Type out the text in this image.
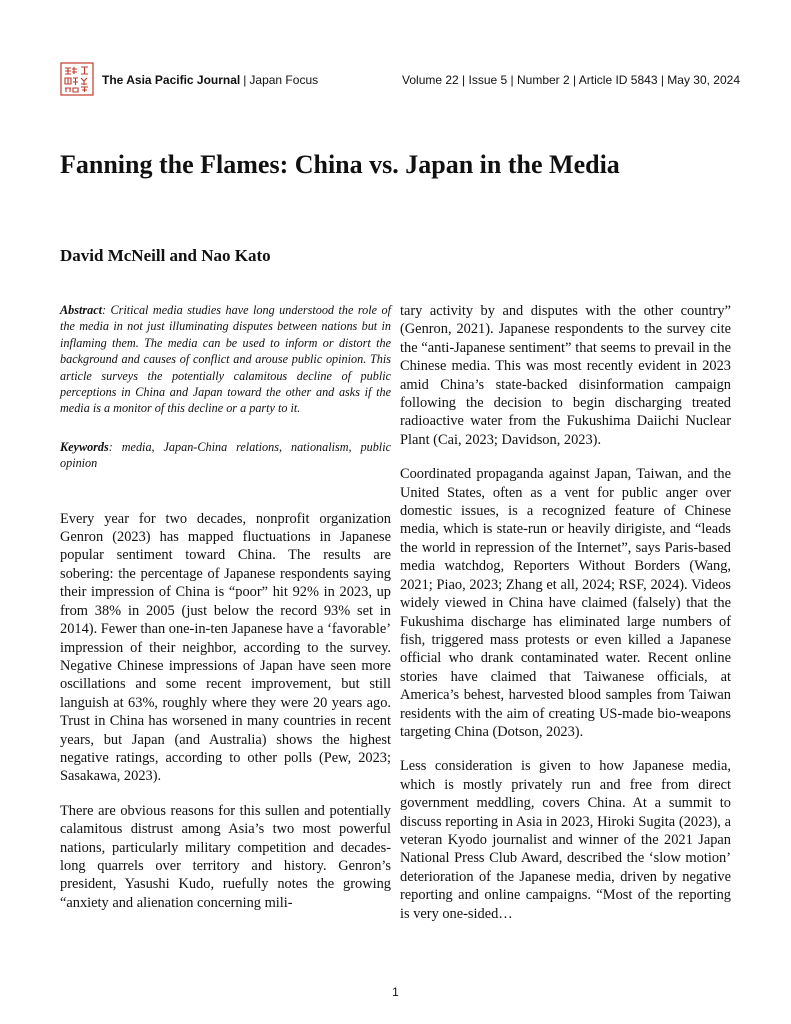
The Asia Pacific Journal | Japan Focus	Volume 22 | Issue 5 | Number 2 | Article ID 5843 | May 30, 2024
Fanning the Flames: China vs. Japan in the Media
David McNeill and Nao Kato

Abstract: Critical media studies have long understood the role of the media in not just illuminating disputes between nations but in inflaming them. The media can be used to inform or distort the background and causes of conflict and arouse public opinion. This article surveys the potentially calamitous decline of public perceptions in China and Japan toward the other and asks if the media is a monitor of this decline or a party to it.

Keywords: media, Japan-China relations, nationalism, public opinion

Every year for two decades, nonprofit organization Genron (2023) has mapped fluctuations in Japanese popular sentiment toward China. The results are sobering: the percentage of Japanese respondents saying their impression of China is “poor” hit 92% in 2023, up from 38% in 2005 (just below the record 93% set in 2014). Fewer than one-in-ten Japanese have a ‘favorable’ impression of their neighbor, according to the survey. Negative Chinese impressions of Japan have seen more oscillations and some recent improvement, but still languish at 63%, roughly where they were 20 years ago. Trust in China has worsened in many countries in recent years, but Japan (and Australia) shows the highest negative ratings, according to other polls (Pew, 2023; Sasakawa, 2023).

There are obvious reasons for this sullen and potentially calamitous distrust among Asia’s two most powerful nations, particularly military competition and decades-long quarrels over territory and history. Genron’s president, Yasushi Kudo, ruefully notes the growing “anxiety and alienation concerning mili-

tary activity by and disputes with the other country” (Genron, 2021). Japanese respondents to the survey cite the “anti-Japanese sentiment” that seems to prevail in the Chinese media. This was most recently evident in 2023 amid China’s state-backed disinformation campaign following the decision to begin discharging treated radioactive water from the Fukushima Daiichi Nuclear Plant (Cai, 2023; Davidson, 2023).

Coordinated propaganda against Japan, Taiwan, and the United States, often as a vent for public anger over domestic issues, is a recognized feature of Chinese media, which is state-run or heavily dirigiste, and “leads the world in repression of the Internet”, says Paris-based media watchdog, Reporters Without Borders (Wang, 2021; Piao, 2023; Zhang et all, 2024; RSF, 2024). Videos widely viewed in China have claimed (falsely) that the Fukushima discharge has eliminated large numbers of fish, triggered mass protests or even killed a Japanese official who drank contaminated water. Recent online stories have claimed that Taiwanese officials, at America’s behest, harvested blood samples from Taiwan residents with the aim of creating US-made bio-weapons targeting China (Dotson, 2023).

Less consideration is given to how Japanese media, which is mostly privately run and free from direct government meddling, covers China. At a summit to discuss reporting in Asia in 2023, Hiroki Sugita (2023), a veteran Kyodo journalist and winner of the 2021 Japan National Press Club Award, described the ‘slow motion’ deterioration of the Japanese media, driven by negative reporting and online campaigns. “Most of the reporting is very one-sided…

1
